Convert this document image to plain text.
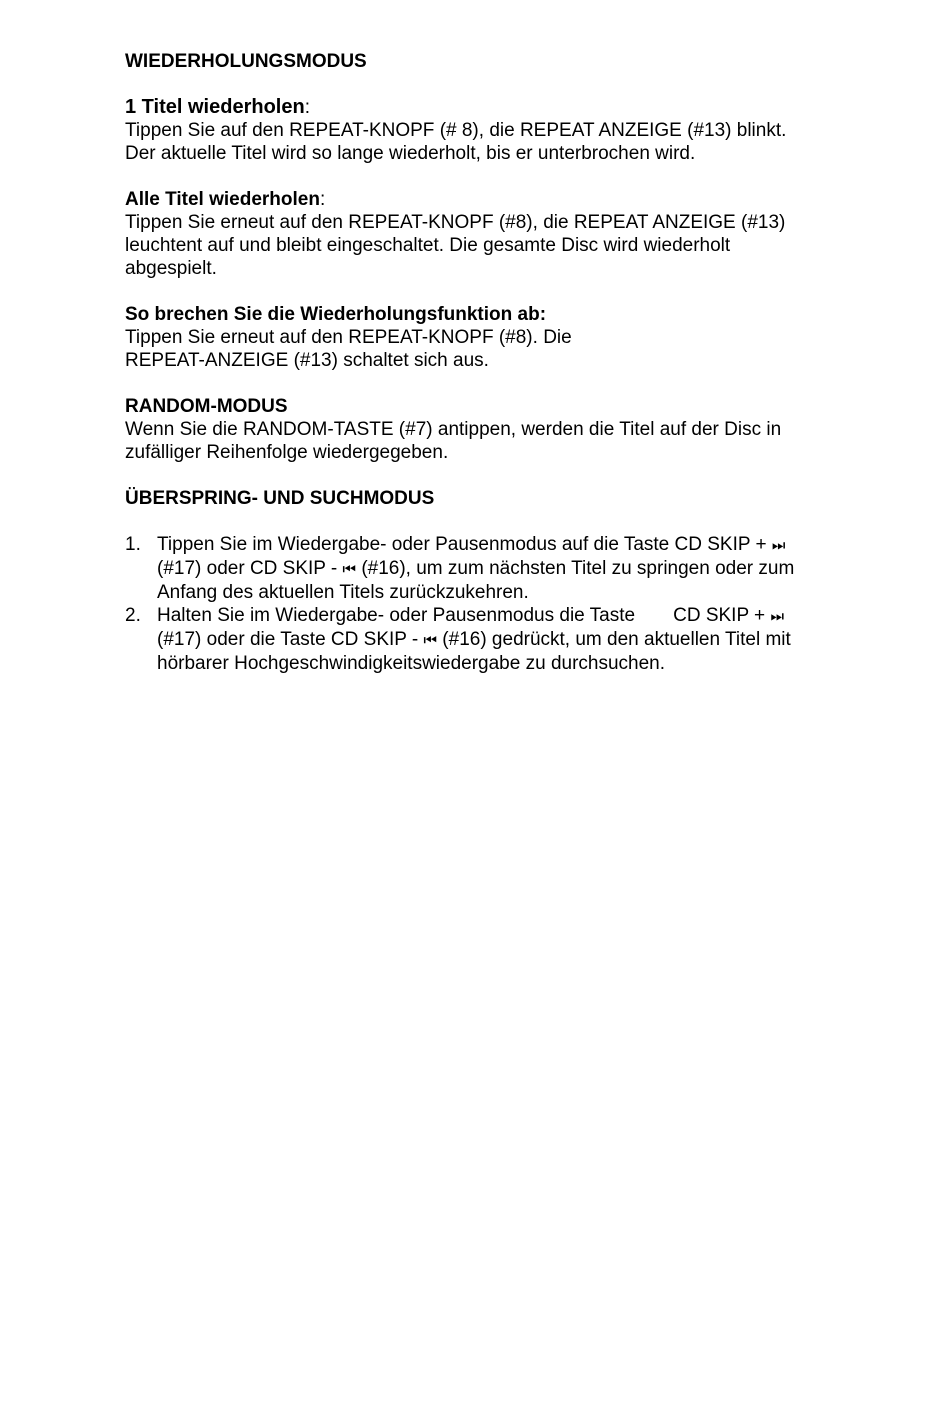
WIEDERHOLUNGSMODUS

1 Titel wiederholen:

Tippen Sie auf den REPEAT-KNOPF (# 8), die REPEAT ANZEIGE (#13) blinkt.

Der aktuelle Titel wird so lange wiederholt, bis er unterbrochen wird.

Alle Titel wiederholen:

Tippen Sie erneut auf den REPEAT-KNOPF (#8), die REPEAT ANZEIGE (#13)

leuchtent auf und bleibt eingeschaltet. Die gesamte Disc wird wiederholt

abgespielt.

So brechen Sie die Wiederholungsfunktion ab:

Tippen Sie erneut auf den REPEAT-KNOPF (#8). Die

REPEAT-ANZEIGE (#13) schaltet sich aus.

RANDOM-MODUS

Wenn Sie die RANDOM-TASTE (#7) antippen, werden die Titel auf der Disc in

zufälliger Reihenfolge wiedergegeben.

ÜBERSPRING- UND SUCHMODUS
1. Tippen Sie im Wiedergabe- oder Pausenmodus auf die Taste CD SKIP + ⏭
(#17) oder CD SKIP - ⏮ (#16), um zum nächsten Titel zu springen oder zum
Anfang des aktuellen Titels zurückzukehren.
2. Halten Sie im Wiedergabe- oder Pausenmodus die Taste CD SKIP + ⏭
(#17) oder die Taste CD SKIP - ⏮ (#16) gedrückt, um den aktuellen Titel mit
hörbarer Hochgeschwindigkeitswiedergabe zu durchsuchen.
